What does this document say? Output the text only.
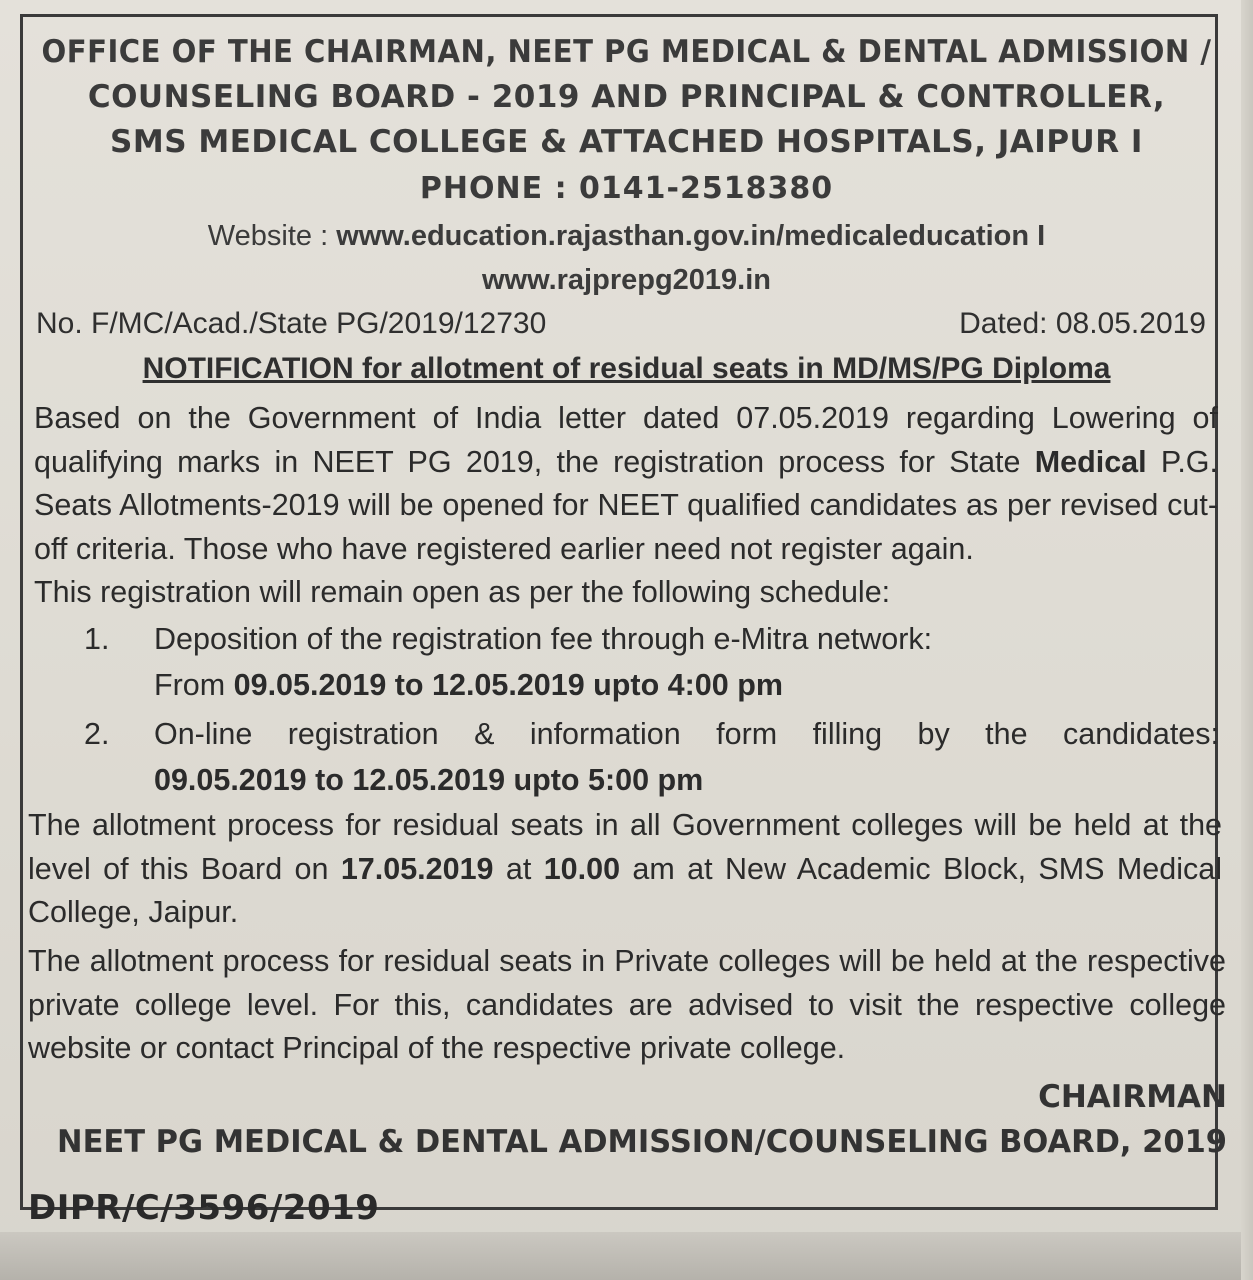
OFFICE OF THE CHAIRMAN, NEET PG MEDICAL & DENTAL ADMISSION /
COUNSELING BOARD - 2019 AND PRINCIPAL & CONTROLLER,
SMS MEDICAL COLLEGE & ATTACHED HOSPITALS, JAIPUR I
PHONE : 0141-2518380
Website : www.education.rajasthan.gov.in/medicaleducation I
www.rajprepg2019.in
No. F/MC/Acad./State PG/2019/12730	Dated: 08.05.2019
NOTIFICATION for allotment of residual seats in MD/MS/PG Diploma
Based on the Government of India letter dated 07.05.2019 regarding Lowering of qualifying marks in NEET PG 2019, the registration process for State Medical P.G. Seats Allotments-2019 will be opened for NEET qualified candidates as per revised cut-off criteria. Those who have registered earlier need not register again.
This registration will remain open as per the following schedule:
1. Deposition of the registration fee through e-Mitra network:
From 09.05.2019 to 12.05.2019 upto 4:00 pm
2. On-line registration & information form filling by the candidates:
09.05.2019 to 12.05.2019 upto 5:00 pm
The allotment process for residual seats in all Government colleges will be held at the level of this Board on 17.05.2019 at 10.00 am at New Academic Block, SMS Medical College, Jaipur.
The allotment process for residual seats in Private colleges will be held at the respective private college level. For this, candidates are advised to visit the respective college website or contact Principal of the respective private college.
CHAIRMAN
NEET PG MEDICAL & DENTAL ADMISSION/COUNSELING BOARD, 2019
DIPR/C/3596/2019
